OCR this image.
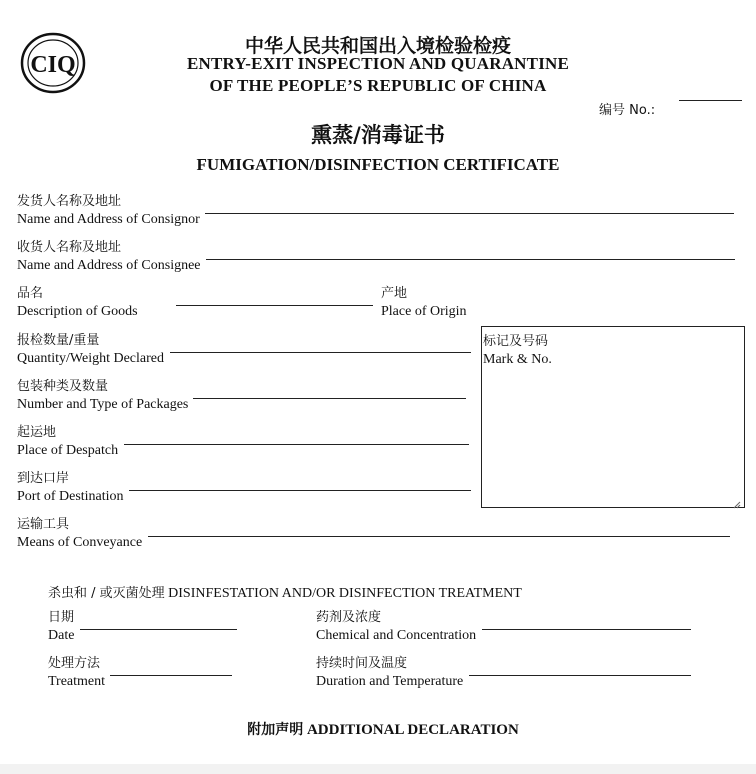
CIQ
中华人民共和国出入境检验检疫
ENTRY-EXIT INSPECTION AND QUARANTINE
OF THE PEOPLE’S REPUBLIC OF CHINA
编号 No.:
熏蒸/消毒证书
FUMIGATION/DISINFECTION CERTIFICATE
发货人名称及地址
Name and Address of Consignor
收货人名称及地址
Name and Address of Consignee
品名
Description of Goods
产地
Place of Origin
报检数量/重量
Quantity/Weight Declared
包装种类及数量
Number and Type of Packages
起运地
Place of Despatch
到达口岸
Port of Destination
标记及号码
Mark & No.
运输工具
Means of Conveyance
杀虫和 / 或灭菌处理 DISINFESTATION AND/OR DISINFECTION TREATMENT
日期
Date
药剂及浓度
Chemical and Concentration
处理方法
Treatment
持续时间及温度
Duration and Temperature
附加声明 ADDITIONAL DECLARATION
